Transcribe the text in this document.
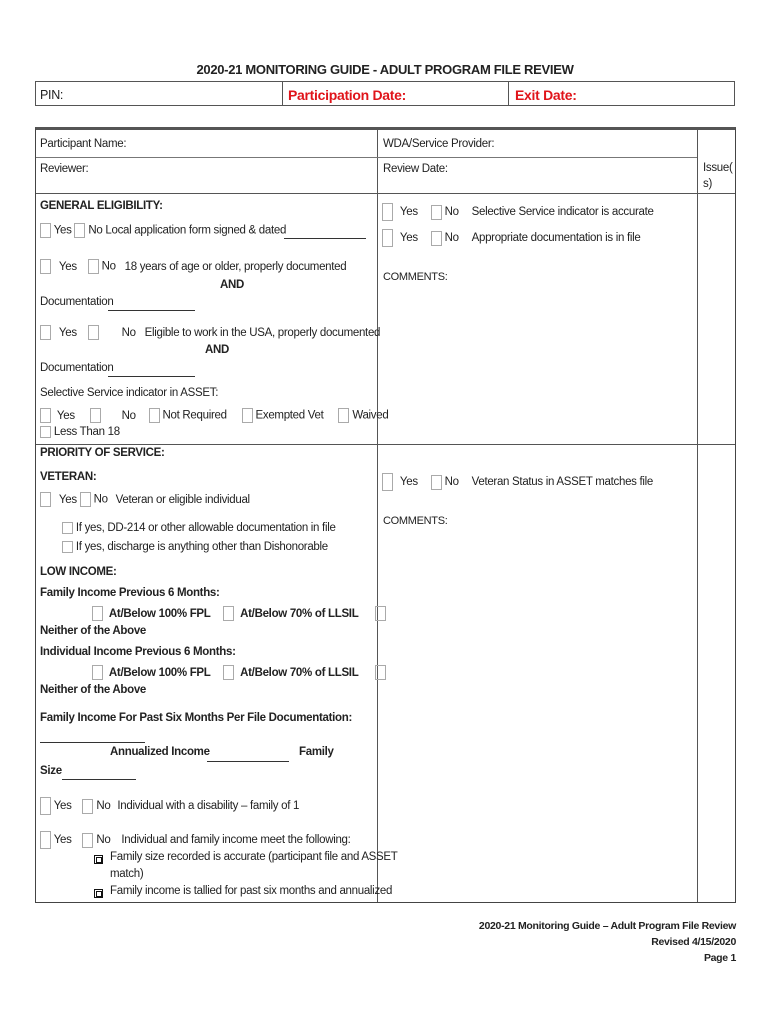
2020-21 MONITORING GUIDE - ADULT PROGRAM FILE REVIEW
PIN:	Participation Date:	Exit Date:
Participant Name:	WDA/Service Provider:
Reviewer:	Review Date:	Issue(
s)
GENERAL ELIGIBILITY:
Yes No Local application form signed & dated
Yes No 18 years of age or older, properly documented
AND
Documentation
Yes	No Eligible to work in the USA, properly documented
AND
Documentation
Selective Service indicator in ASSET:
Yes	No Not Required	Exempted Vet	Waived
Less Than 18
Yes No Selective Service indicator is accurate
Yes No Appropriate documentation is in file
COMMENTS:
PRIORITY OF SERVICE:
VETERAN:
Yes No Veteran or eligible individual
If yes, DD-214 or other allowable documentation in file
If yes, discharge is anything other than Dishonorable
Yes No Veteran Status in ASSET matches file
COMMENTS:
LOW INCOME:
Family Income Previous 6 Months:
At/Below 100% FPL	At/Below 70% of LLSIL
Neither of the Above
Individual Income Previous 6 Months:
At/Below 100% FPL	At/Below 70% of LLSIL
Neither of the Above
Family Income For Past Six Months Per File Documentation:
Annualized Income	Family
Size
Yes No Individual with a disability – family of 1
Yes No Individual and family income meet the following:
Family size recorded is accurate (participant file and ASSET
match)
Family income is tallied for past six months and annualized
2020-21 Monitoring Guide – Adult Program File Review
Revised 4/15/2020
Page 1
